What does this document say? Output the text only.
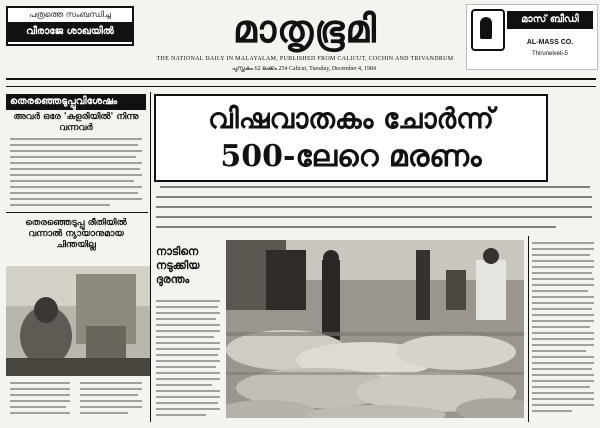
പത്രത്തെ സംബന്ധിച്ച
വീരാജേ ശാഖയിൽ	മാതൃഭൂമി
THE NATIONAL DAILY IN MALAYALAM, PUBLISHED FROM CALICUT, COCHIN AND TRIVANDRUM
പുസ്തകം 62 ലക്കം 254 Calicut, Tuesday, December 4, 1984
മാസ് ബീഡി
AL-MASS CO.
Thirunelveli-5
തെരഞ്ഞെടുപ്പുവിശേഷം
അവർ ഒരേ 'കളരിയിൽ' നിന്നു വന്നവർ
തെരഞ്ഞെടുപ്പു രീതിയിൽ വന്നാൽ ന്യായാനുമായ ചിന്തയില്ല
വിഷവാതകം ചോർന്ന്
500-ലേറെ മരണം
നാടിനെ നടുക്കിയ ദുരന്തം
